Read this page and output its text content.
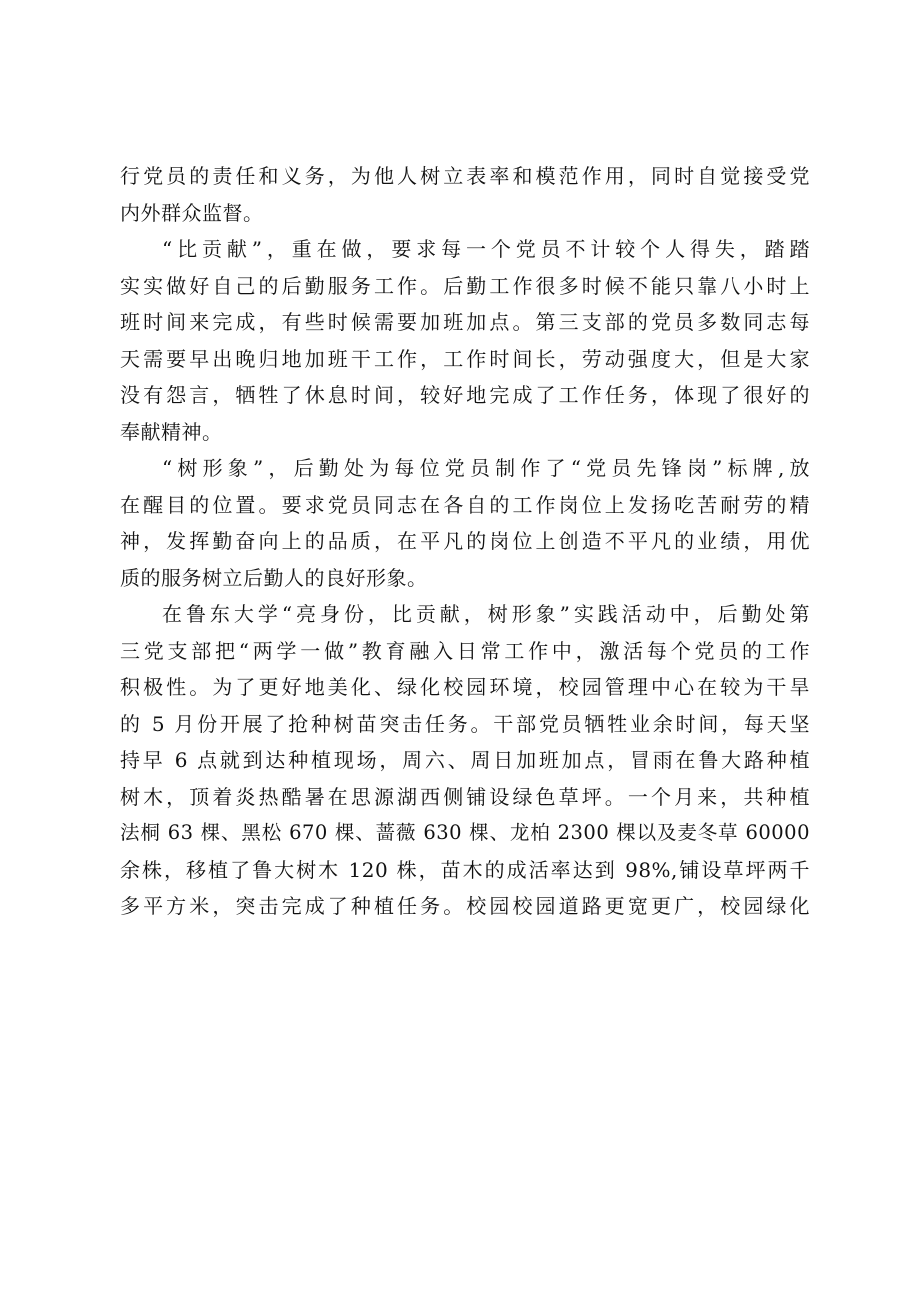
行党员的责任和义务，为他人树立表率和模范作用，同时自觉接受党
内外群众监督。
“比贡献”，重在做，要求每一个党员不计较个人得失，踏踏
实实做好自己的后勤服务工作。后勤工作很多时候不能只靠八小时上
班时间来完成，有些时候需要加班加点。第三支部的党员多数同志每
天需要早出晚归地加班干工作，工作时间长，劳动强度大，但是大家
没有怨言，牺牲了休息时间，较好地完成了工作任务，体现了很好的
奉献精神。
“树形象”，后勤处为每位党员制作了“党员先锋岗”标牌,放
在醒目的位置。要求党员同志在各自的工作岗位上发扬吃苦耐劳的精
神，发挥勤奋向上的品质，在平凡的岗位上创造不平凡的业绩，用优
质的服务树立后勤人的良好形象。
在鲁东大学“亮身份，比贡献，树形象”实践活动中，后勤处第
三党支部把“两学一做”教育融入日常工作中，激活每个党员的工作
积极性。为了更好地美化、绿化校园环境，校园管理中心在较为干旱
的 5 月份开展了抢种树苗突击任务。干部党员牺牲业余时间，每天坚
持早 6 点就到达种植现场，周六、周日加班加点，冒雨在鲁大路种植
树木，顶着炎热酷暑在思源湖西侧铺设绿色草坪。一个月来，共种植
法桐 63 棵、黑松 670 棵、蔷薇 630 棵、龙柏 2300 棵以及麦冬草 60000
余株，移植了鲁大树木 120 株，苗木的成活率达到 98%,铺设草坪两千
多平方米，突击完成了种植任务。校园校园道路更宽更广，校园绿化
